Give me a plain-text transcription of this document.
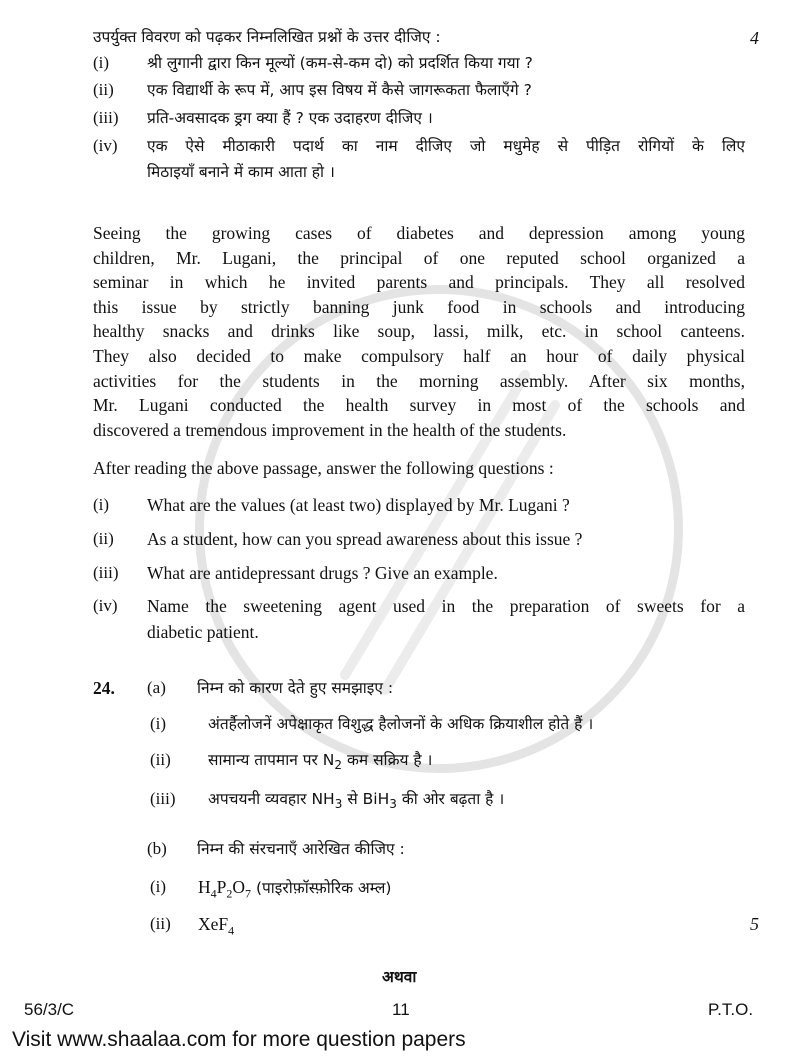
उपर्युक्त विवरण को पढ़कर निम्नलिखित प्रश्नों के उत्तर दीजिए :	4
(i) श्री लुगानी द्वारा किन मूल्यों (कम-से-कम दो) को प्रदर्शित किया गया ?
(ii) एक विद्यार्थी के रूप में, आप इस विषय में कैसे जागरूकता फैलाएँगे ?
(iii) प्रति-अवसादक ड्रग क्या हैं ? एक उदाहरण दीजिए ।
(iv) एक ऐसे मीठाकारी पदार्थ का नाम दीजिए जो मधुमेह से पीड़ित रोगियों के लिए
मिठाइयाँ बनाने में काम आता हो ।
Seeing the growing cases of diabetes and depression among young
children, Mr. Lugani, the principal of one reputed school organized a
seminar in which he invited parents and principals. They all resolved
this issue by strictly banning junk food in schools and introducing
healthy snacks and drinks like soup, lassi, milk, etc. in school canteens.
They also decided to make compulsory half an hour of daily physical
activities for the students in the morning assembly. After six months,
Mr. Lugani conducted the health survey in most of the schools and
discovered a tremendous improvement in the health of the students.
After reading the above passage, answer the following questions :
(i) What are the values (at least two) displayed by Mr. Lugani ?
(ii) As a student, how can you spread awareness about this issue ?
(iii) What are antidepressant drugs ? Give an example.
(iv) Name the sweetening agent used in the preparation of sweets for a
diabetic patient.
24. (a) निम्न को कारण देते हुए समझाइए :
(i)	अंतर्हैलोजनें अपेक्षाकृत विशुद्ध हैलोजनों के अधिक क्रियाशील होते हैं ।
(ii) सामान्य तापमान पर $N_2$ कम सक्रिय है ।
(iii) अपचयनी व्यवहार $NH_3$ से BiH$_3$ की ओर बढ़ता है ।
(b) निम्न की संरचनाएँ आरेखित कीजिए :
(i) $H_4P_2O_7$ (पाइरोफ़ॉस्फ़ोरिक अम्ल)
(ii) XeF$_4$	5
अथवा
56/3/C	11	P.T.O.
Visit www.shaalaa.com for more question papers
